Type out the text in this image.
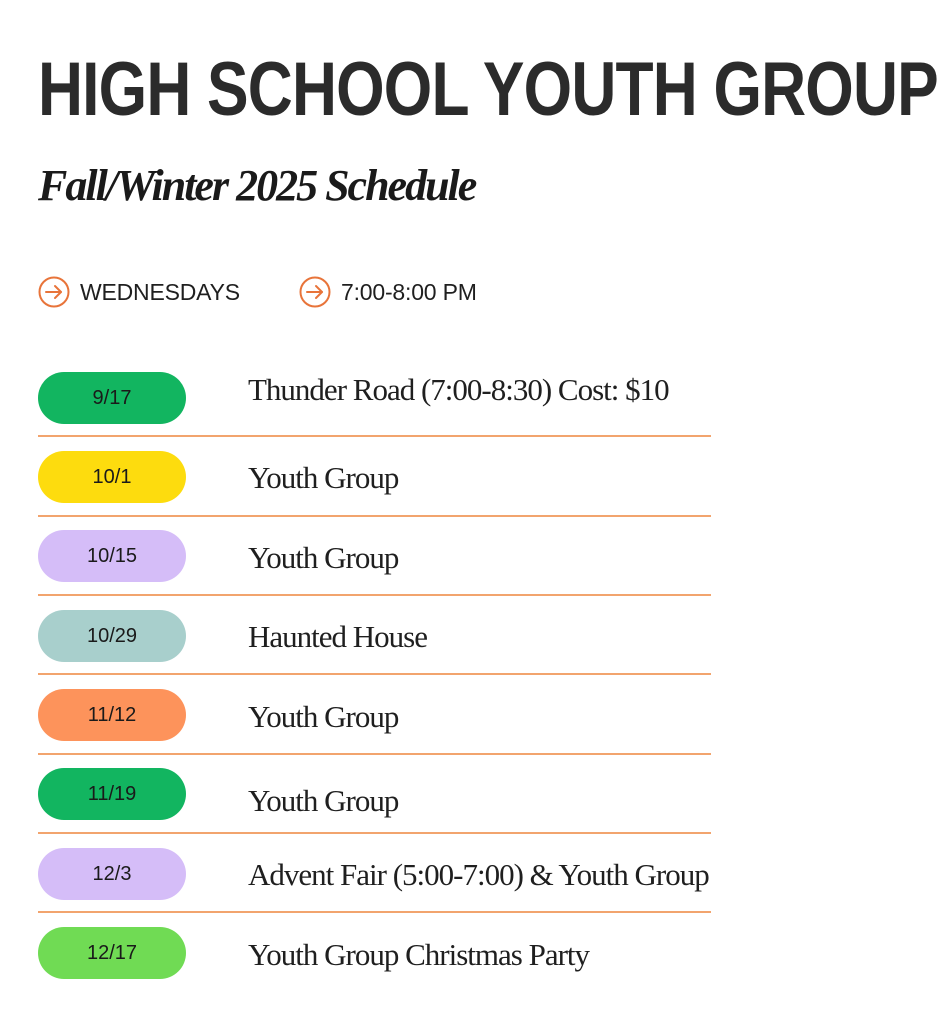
HIGH SCHOOL YOUTH GROUP
Fall/Winter 2025 Schedule
WEDNESDAYS	7:00-8:00 PM
9/17	Thunder Road (7:00-8:30) Cost: $10
10/1	Youth Group
10/15	Youth Group
10/29	Haunted House
11/12	Youth Group
11/19	Youth Group
12/3	Advent Fair (5:00-7:00) & Youth Group
12/17	Youth Group Christmas Party
